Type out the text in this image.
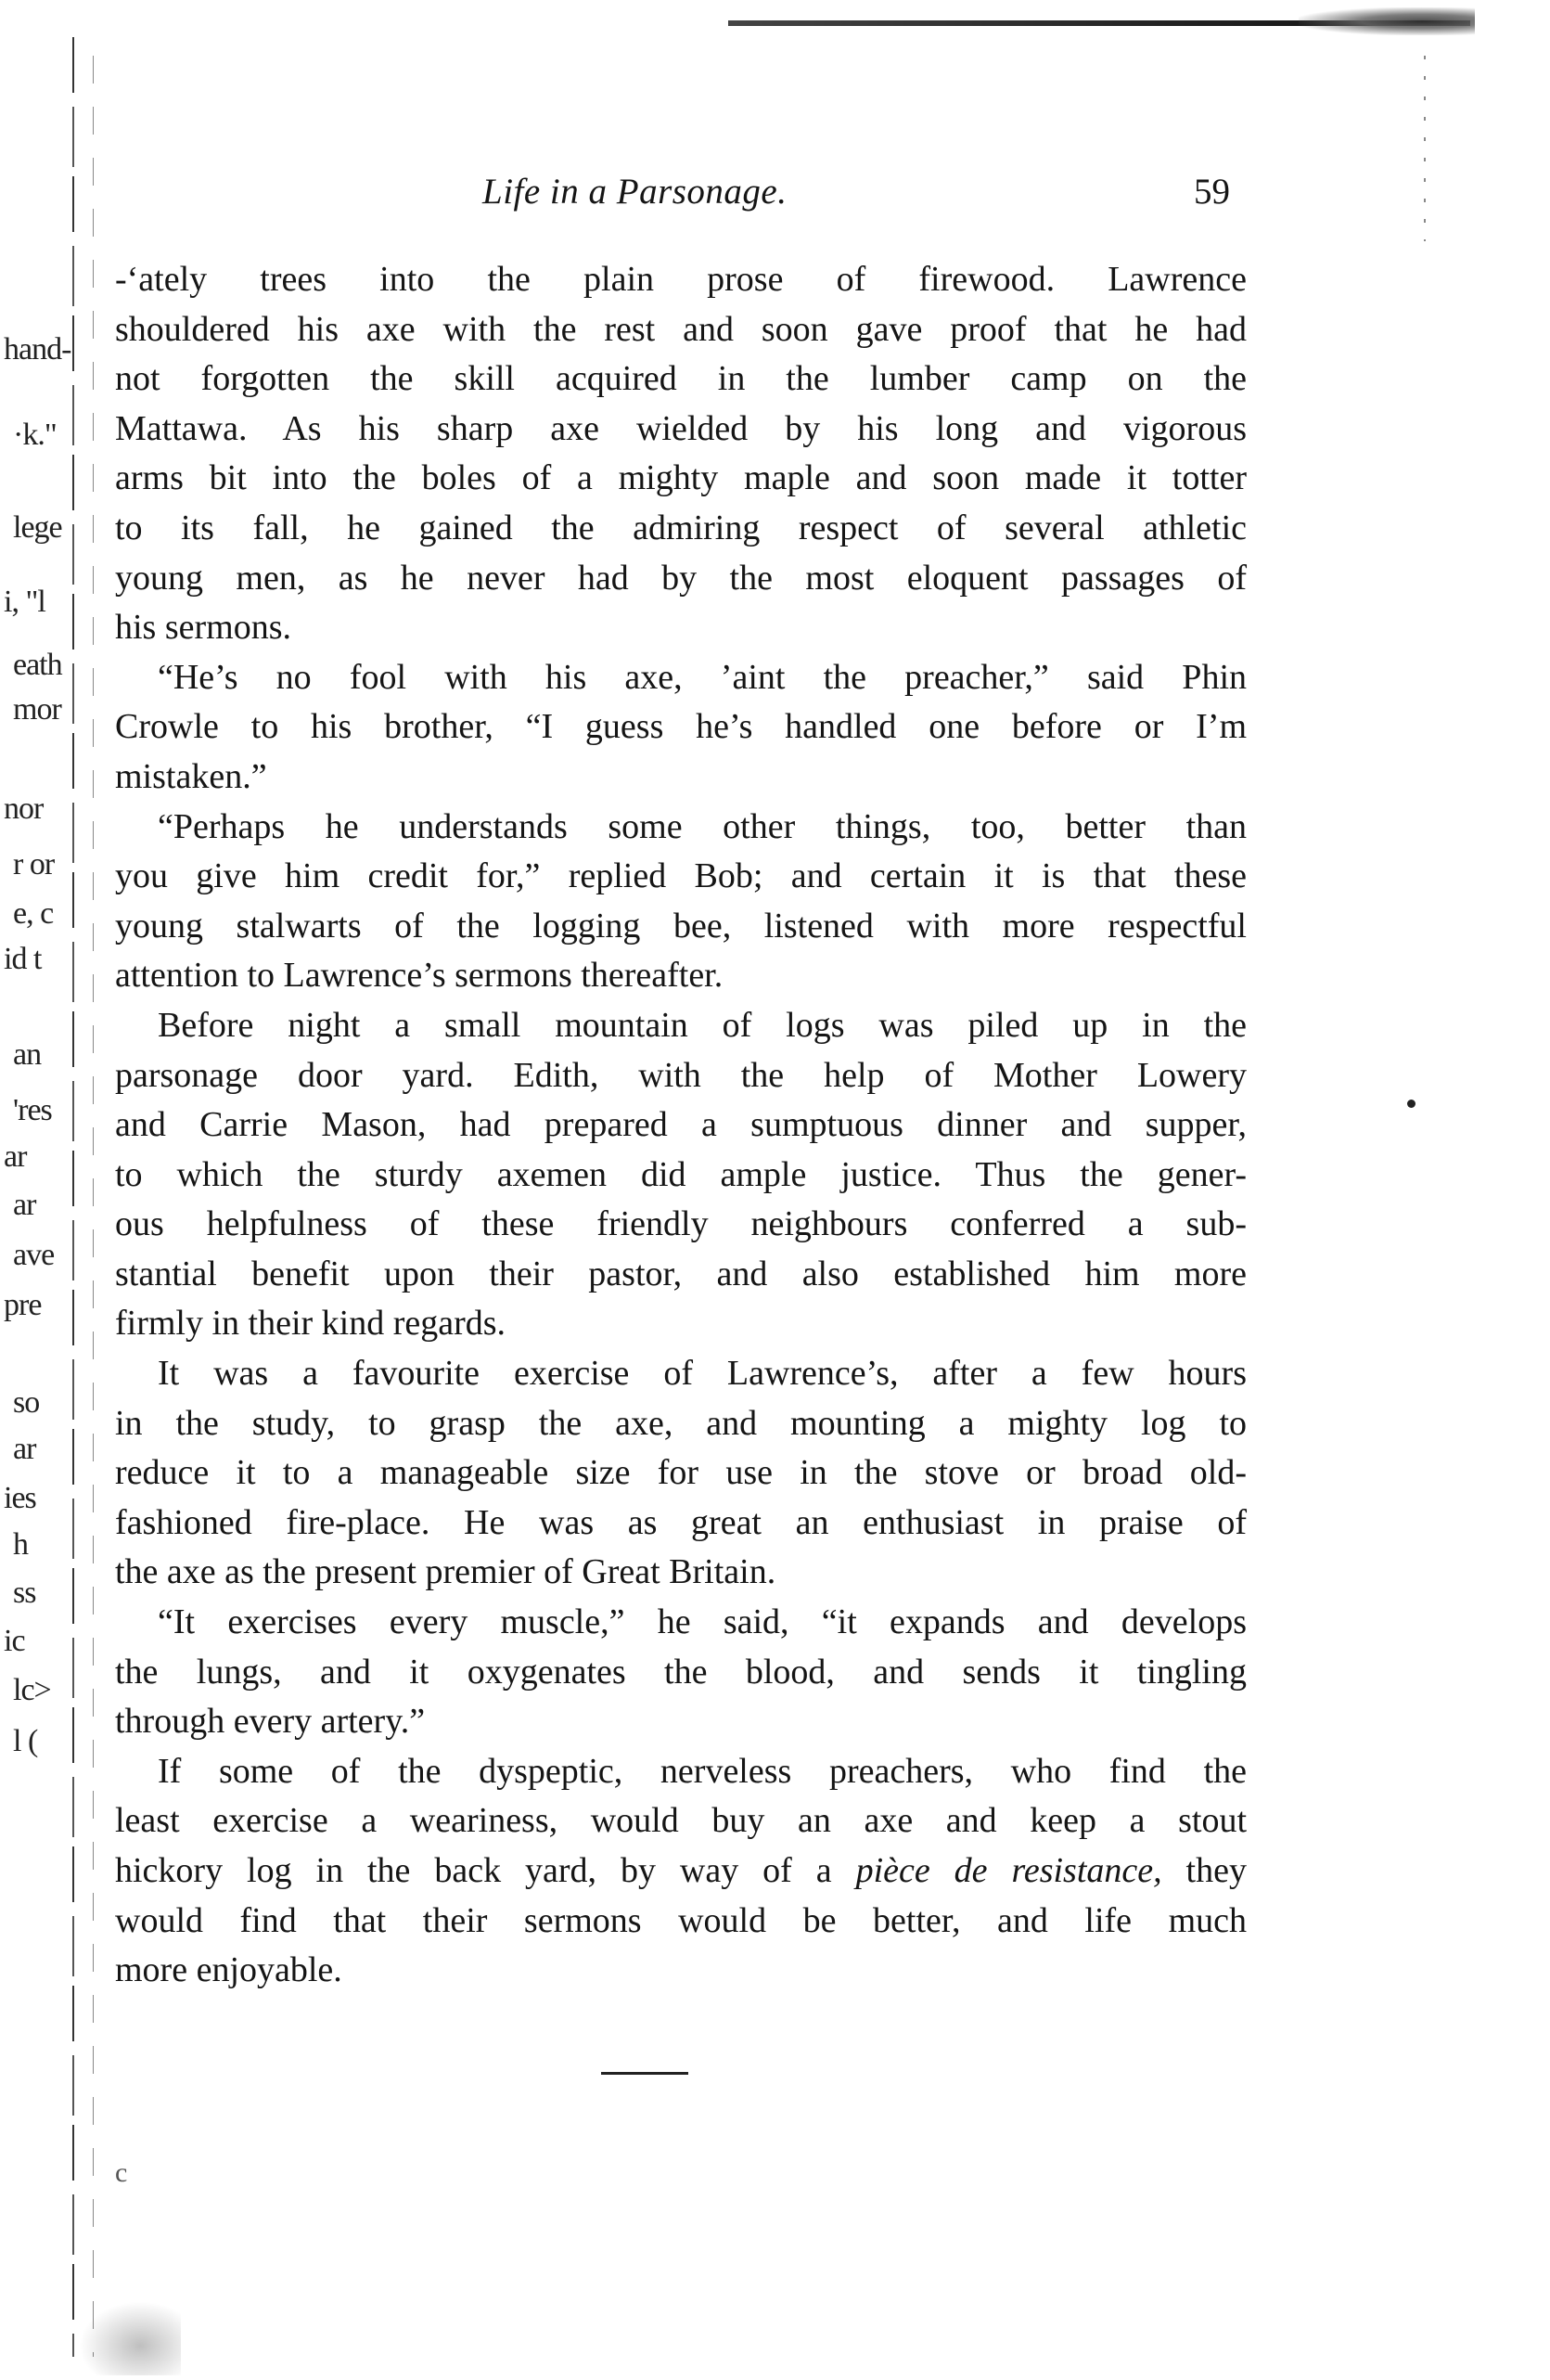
hand-
·k."
lege
i, "l
eath
mor
nor
r or
e, c
id t
an
'res
ar
ar
ave
pre
so
ar
ies
h
ss
ic
lc>
l (
Life in a Parsonage.	59
-‘ately trees into the plain prose of firewood. Lawrence
shouldered his axe with the rest and soon gave proof that he had
not forgotten the skill acquired in the lumber camp on the
Mattawa. As his sharp axe wielded by his long and vigorous
arms bit into the boles of a mighty maple and soon made it totter
to its fall, he gained the admiring respect of several athletic
young men, as he never had by the most eloquent passages of
his sermons.
“He’s no fool with his axe, ’aint the preacher,” said Phin
Crowle to his brother, “I guess he’s handled one before or I’m
mistaken.”
“Perhaps he understands some other things, too, better than
you give him credit for,” replied Bob; and certain it is that these
young stalwarts of the logging bee, listened with more respectful
attention to Lawrence’s sermons thereafter.
Before night a small mountain of logs was piled up in the
parsonage door yard. Edith, with the help of Mother Lowery
and Carrie Mason, had prepared a sumptuous dinner and supper,
to which the sturdy axemen did ample justice. Thus the gener-
ous helpfulness of these friendly neighbours conferred a sub-
stantial benefit upon their pastor, and also established him more
firmly in their kind regards.
It was a favourite exercise of Lawrence’s, after a few hours
in the study, to grasp the axe, and mounting a mighty log to
reduce it to a manageable size for use in the stove or broad old-
fashioned fire-place. He was as great an enthusiast in praise of
the axe as the present premier of Great Britain.
“It exercises every muscle,” he said, “it expands and develops
the lungs, and it oxygenates the blood, and sends it tingling
through every artery.”
If some of the dyspeptic, nerveless preachers, who find the
least exercise a weariness, would buy an axe and keep a stout
hickory log in the back yard, by way of a pièce de resistance, they
would find that their sermons would be better, and life much
more enjoyable.
c
